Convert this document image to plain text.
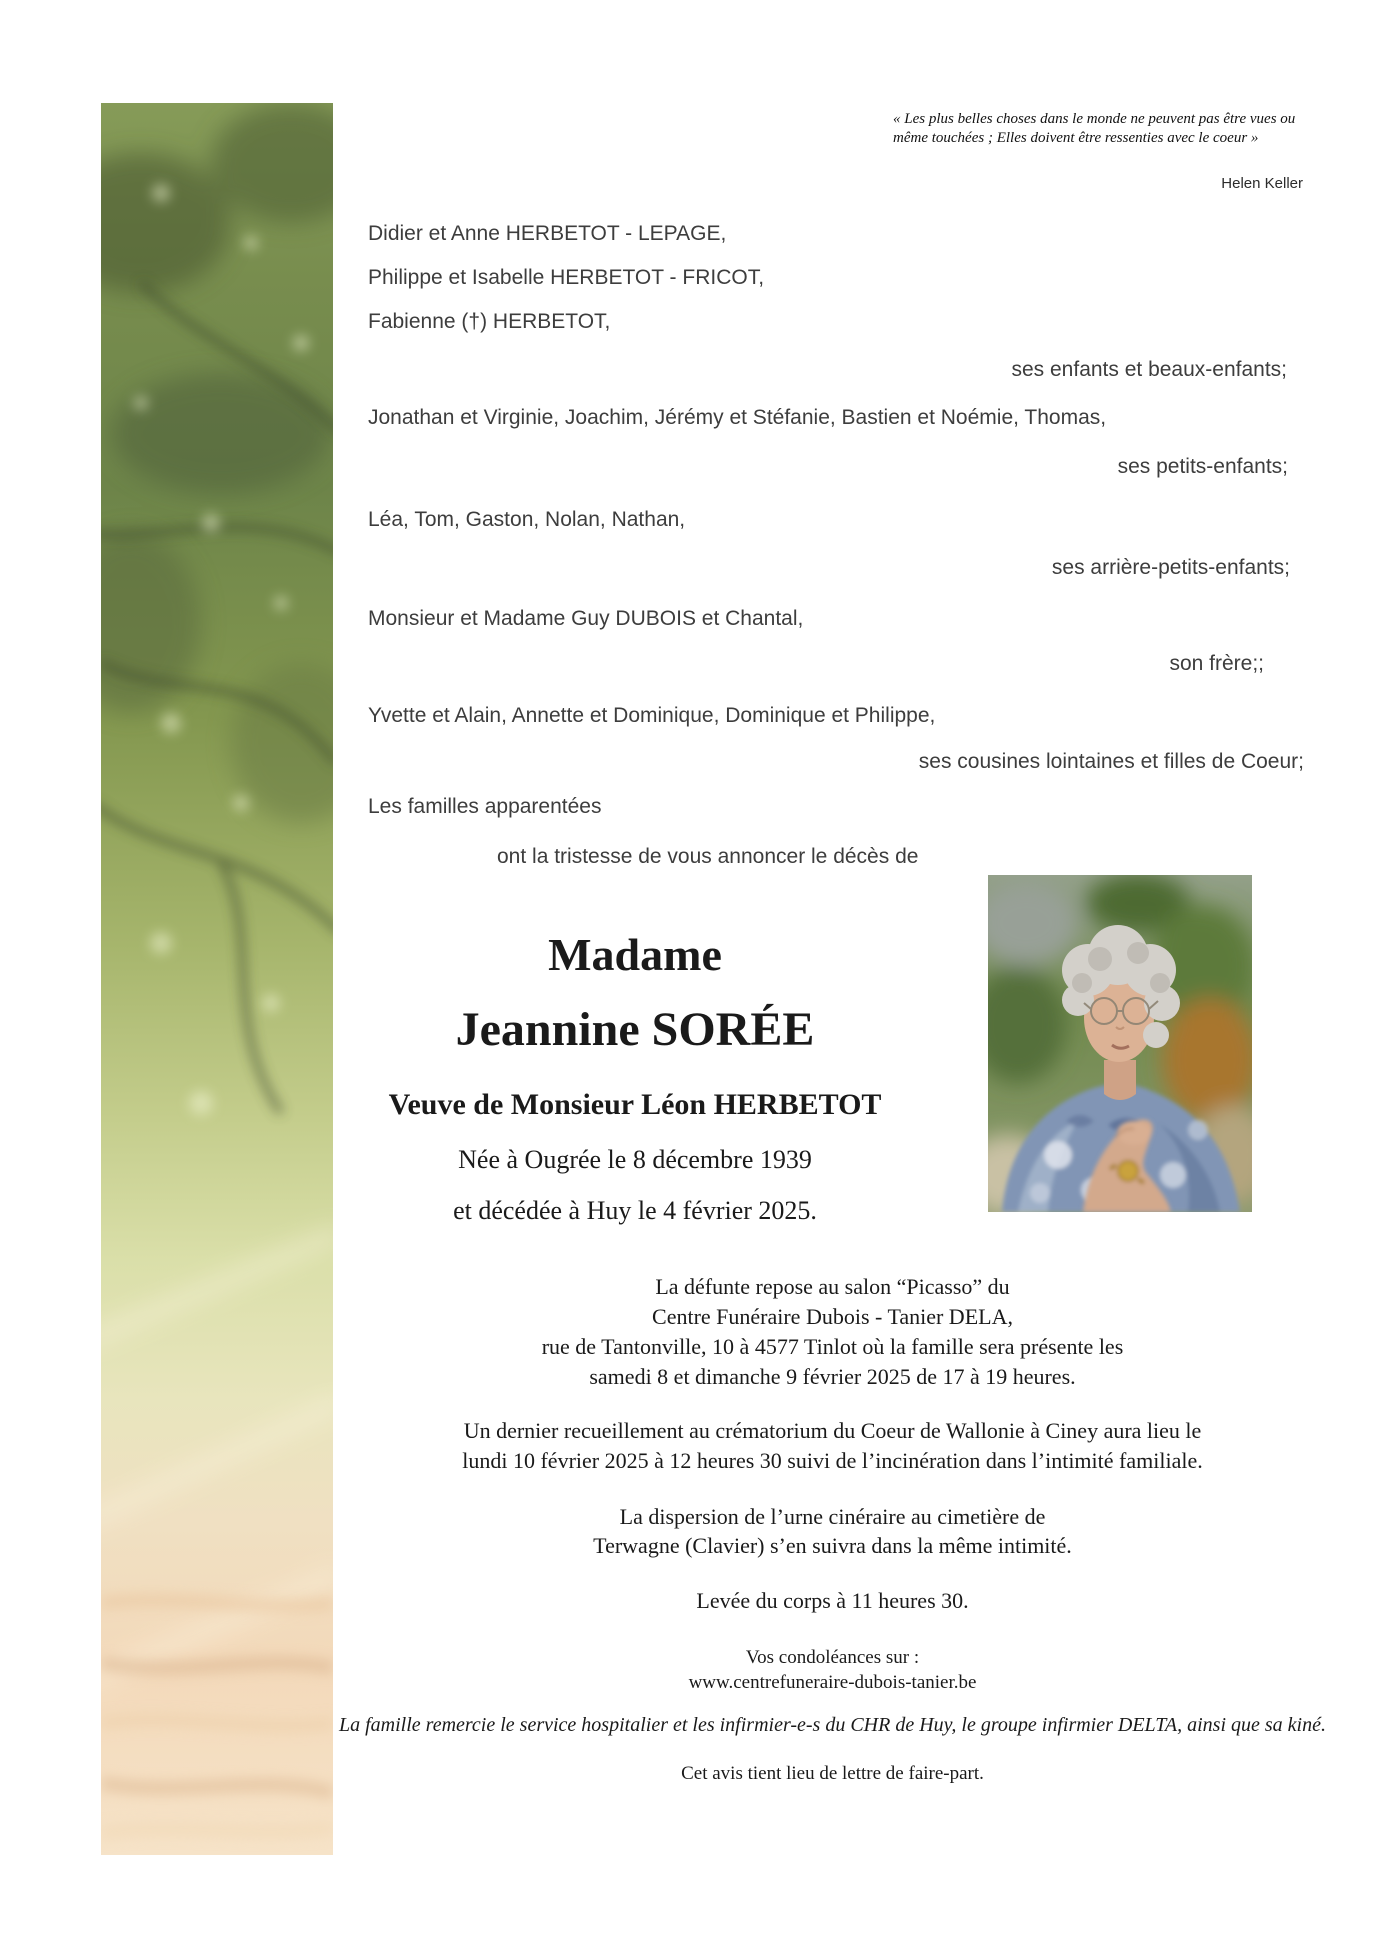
« Les plus belles choses dans le monde ne peuvent pas être vues ou même touchées ; Elles doivent être ressenties avec le coeur »
Helen Keller
Didier et Anne HERBETOT - LEPAGE,
Philippe et Isabelle HERBETOT - FRICOT,
Fabienne (†) HERBETOT,
ses enfants et beaux-enfants;
Jonathan et Virginie, Joachim, Jérémy et Stéfanie, Bastien et Noémie, Thomas,
ses petits-enfants;
Léa, Tom, Gaston, Nolan, Nathan,
ses arrière-petits-enfants;
Monsieur et Madame Guy DUBOIS et Chantal,
son frère;;
Yvette et Alain, Annette et Dominique, Dominique et Philippe,
ses cousines lointaines et filles de Coeur;
Les familles apparentées
ont la tristesse de vous annoncer le décès de
Madame
Jeannine SORÉE
Veuve de Monsieur Léon HERBETOT
Née à Ougrée le 8 décembre 1939
et décédée à Huy le 4 février 2025.
La défunte repose au salon “Picasso” du
Centre Funéraire Dubois - Tanier DELA,
rue de Tantonville, 10 à 4577 Tinlot où la famille sera présente les
samedi 8 et dimanche 9 février 2025 de 17 à 19 heures.
Un dernier recueillement au crématorium du Coeur de Wallonie à Ciney aura lieu le
lundi 10 février 2025 à 12 heures 30 suivi de l’incinération dans l’intimité familiale.
La dispersion de l’urne cinéraire au cimetière de
Terwagne (Clavier) s’en suivra dans la même intimité.
Levée du corps à 11 heures 30.
Vos condoléances sur :
www.centrefuneraire-dubois-tanier.be
La famille remercie le service hospitalier et les infirmier-e-s du CHR de Huy, le groupe infirmier DELTA, ainsi que sa kiné.
Cet avis tient lieu de lettre de faire-part.
